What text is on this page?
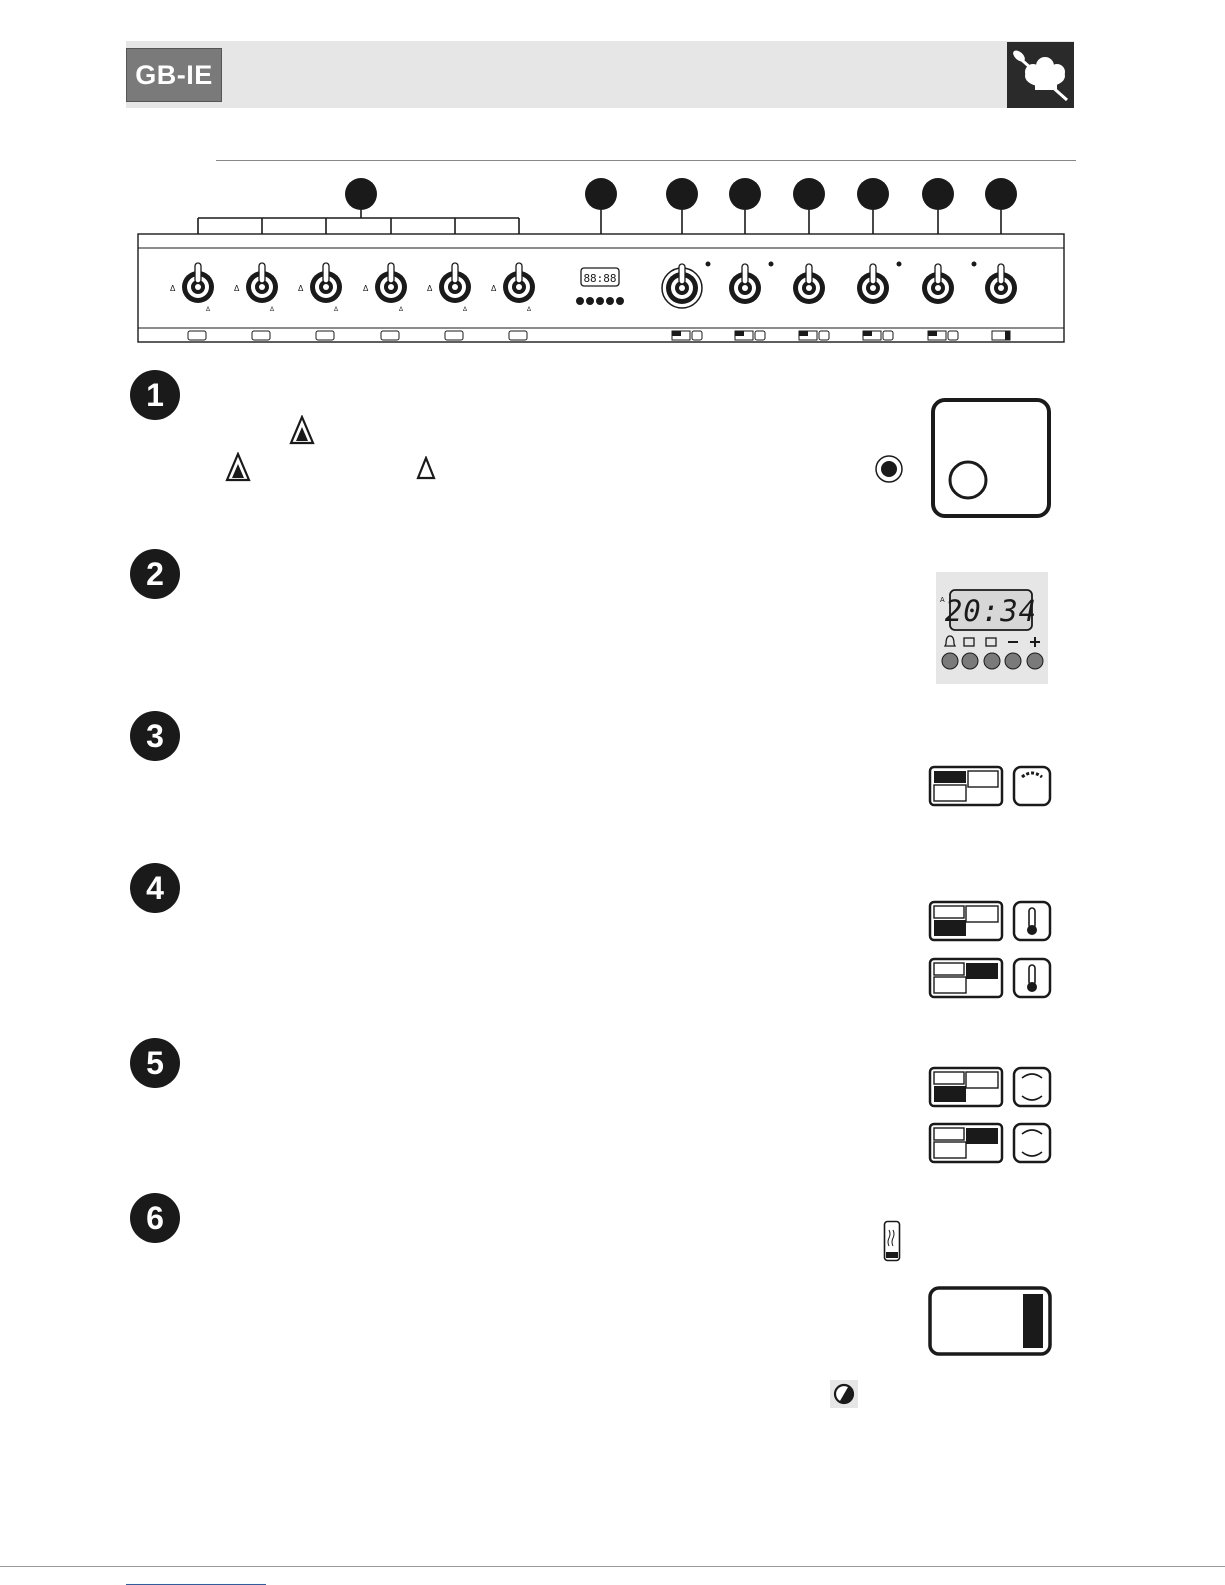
GB-IE
Δ
Δ
Δ
Δ
Δ
Δ
Δ
Δ
Δ
Δ
Δ
Δ
88:88
1
2
3
4
5
6
A 20:34
